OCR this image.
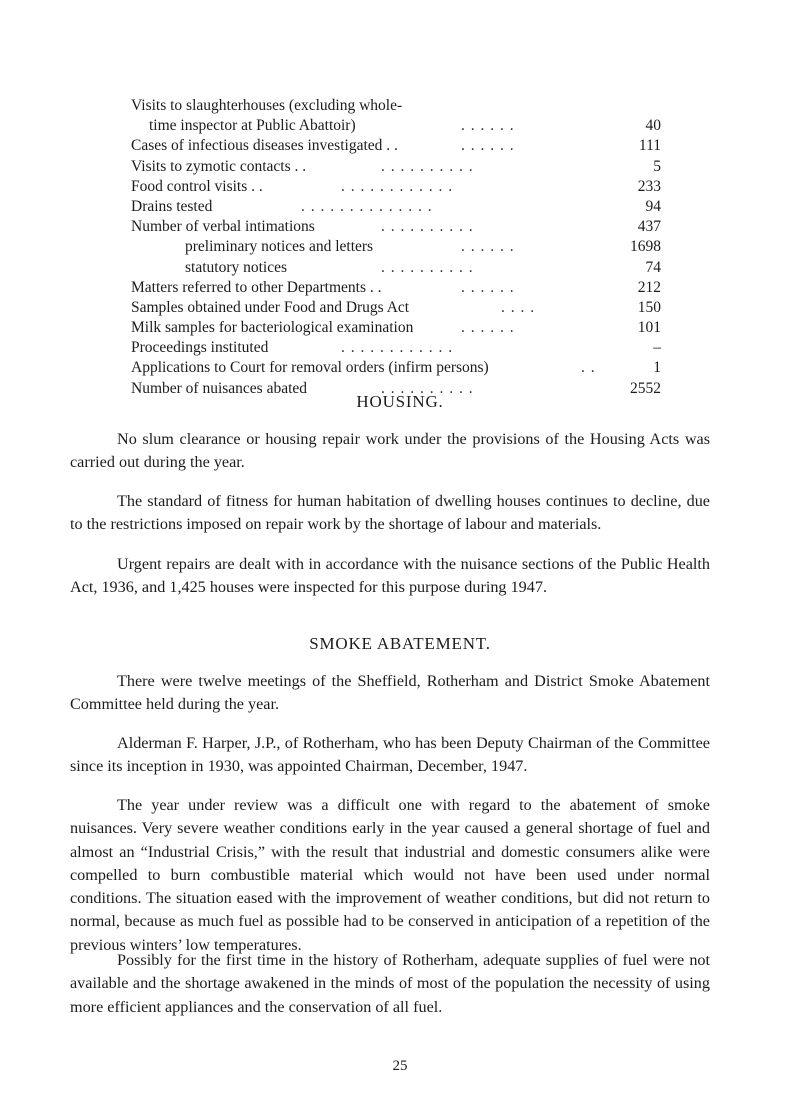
Visits to slaughterhouses (excluding whole-
time inspector at Public Abattoir)	. . . . . .	40
Cases of infectious diseases investigated . .	. . . . . .	111
Visits to zymotic contacts . .	. . . . . . . . . .	5
Food control visits . .	. . . . . . . . . . . .	233
Drains tested	. . . . . . . . . . . . . .	94
Number of verbal intimations	. . . . . . . . . .	437
preliminary notices and letters	. . . . . .	1698
statutory notices	. . . . . . . . . .	74
Matters referred to other Departments . .	. . . . . .	212
Samples obtained under Food and Drugs Act	. . . .	150
Milk samples for bacteriological examination	. . . . . .	101
Proceedings instituted	. . . . . . . . . . . .	–
Applications to Court for removal orders (infirm persons)	. .	1
Number of nuisances abated	. . . . . . . . . .	2552
HOUSING.

No slum clearance or housing repair work under the provisions of the Housing Acts was carried out during the year.

The standard of fitness for human habitation of dwelling houses continues to decline, due to the restrictions imposed on repair work by the shortage of labour and materials.

Urgent repairs are dealt with in accordance with the nuisance sections of the Public Health Act, 1936, and 1,425 houses were inspected for this purpose during 1947.

SMOKE ABATEMENT.

There were twelve meetings of the Sheffield, Rotherham and District Smoke Abatement Committee held during the year.

Alderman F. Harper, J.P., of Rotherham, who has been Deputy Chairman of the Committee since its inception in 1930, was appointed Chairman, December, 1947.

The year under review was a difficult one with regard to the abatement of smoke nuisances. Very severe weather conditions early in the year caused a general shortage of fuel and almost an “Industrial Crisis,” with the result that industrial and domestic consumers alike were compelled to burn combustible material which would not have been used under normal conditions. The situation eased with the improvement of weather conditions, but did not return to normal, because as much fuel as possible had to be conserved in anticipation of a repetition of the previous winters’ low temperatures.

Possibly for the first time in the history of Rotherham, adequate supplies of fuel were not available and the shortage awakened in the minds of most of the population the necessity of using more efficient appliances and the conservation of all fuel.

25
